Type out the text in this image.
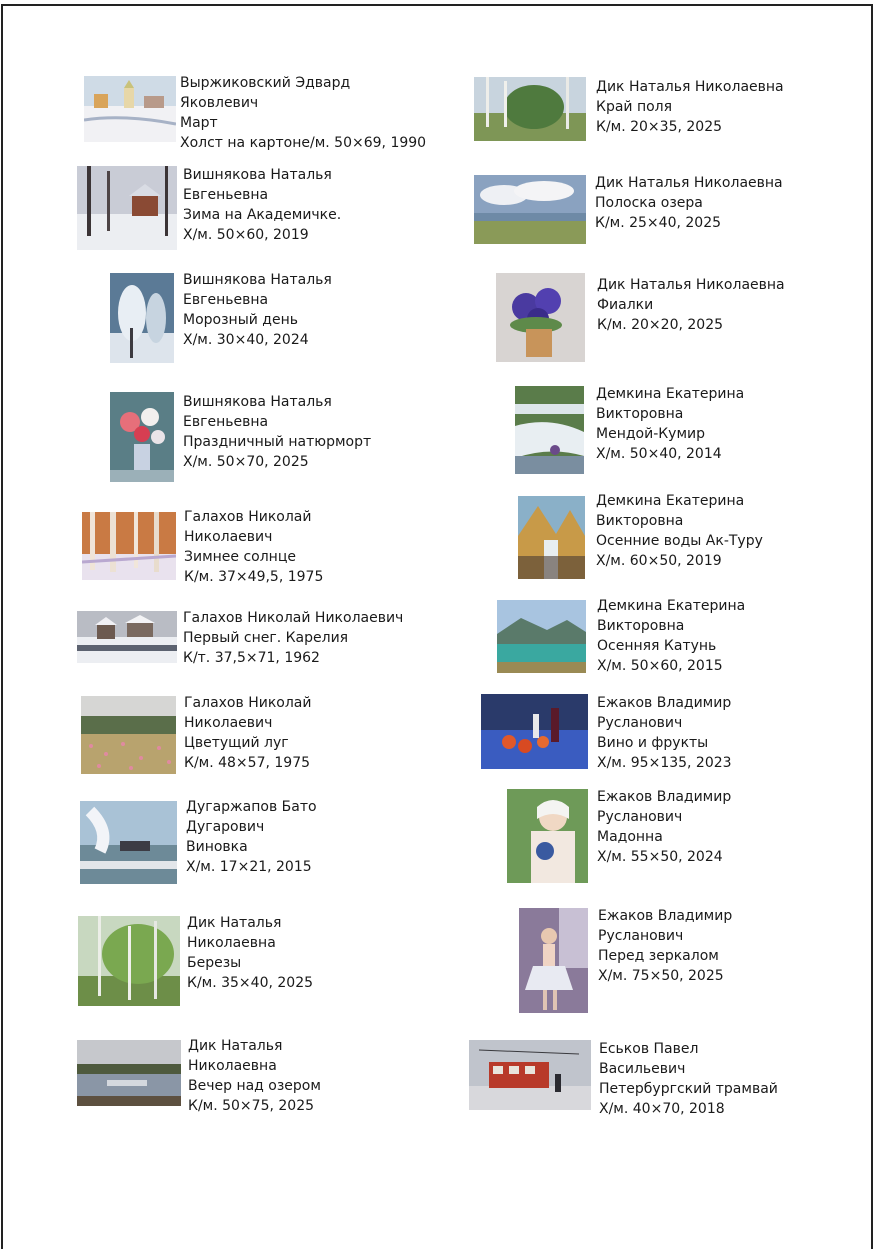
Выржиковский Эдвард
Яковлевич
Март
Холст на картоне/м. 50×69, 1990
Вишнякова Наталья
Евгеньевна
Зима на Академичке.
Х/м. 50×60, 2019
Вишнякова Наталья
Евгеньевна
Морозный день
Х/м. 30×40, 2024
Вишнякова Наталья
Евгеньевна
Праздничный натюрморт
Х/м. 50×70, 2025
Галахов Николай
Николаевич
Зимнее солнце
К/м. 37×49,5, 1975
Галахов Николай Николаевич
Первый снег. Карелия
К/т. 37,5×71, 1962
Галахов Николай
Николаевич
Цветущий луг
К/м. 48×57, 1975
Дугаржапов Бато
Дугарович
Виновка
Х/м. 17×21, 2015
Дик Наталья
Николаевна
Березы
К/м. 35×40, 2025
Дик Наталья
Николаевна
Вечер над озером
К/м. 50×75, 2025
Дик Наталья Николаевна
Край поля
К/м. 20×35, 2025
Дик Наталья Николаевна
Полоска озера
К/м. 25×40, 2025
Дик Наталья Николаевна
Фиалки
К/м. 20×20, 2025
Демкина Екатерина
Викторовна
Мендой-Кумир
Х/м. 50×40, 2014
Демкина Екатерина
Викторовна
Осенние воды Ак-Туру
Х/м. 60×50, 2019
Демкина Екатерина
Викторовна
Осенняя Катунь
Х/м. 50×60, 2015
Ежаков Владимир
Русланович
Вино и фрукты
Х/м. 95×135, 2023
Ежаков Владимир
Русланович
Мадонна
Х/м. 55×50, 2024
Ежаков Владимир
Русланович
Перед зеркалом
Х/м. 75×50, 2025
Еськов Павел
Васильевич
Петербургский трамвай
Х/м. 40×70, 2018
